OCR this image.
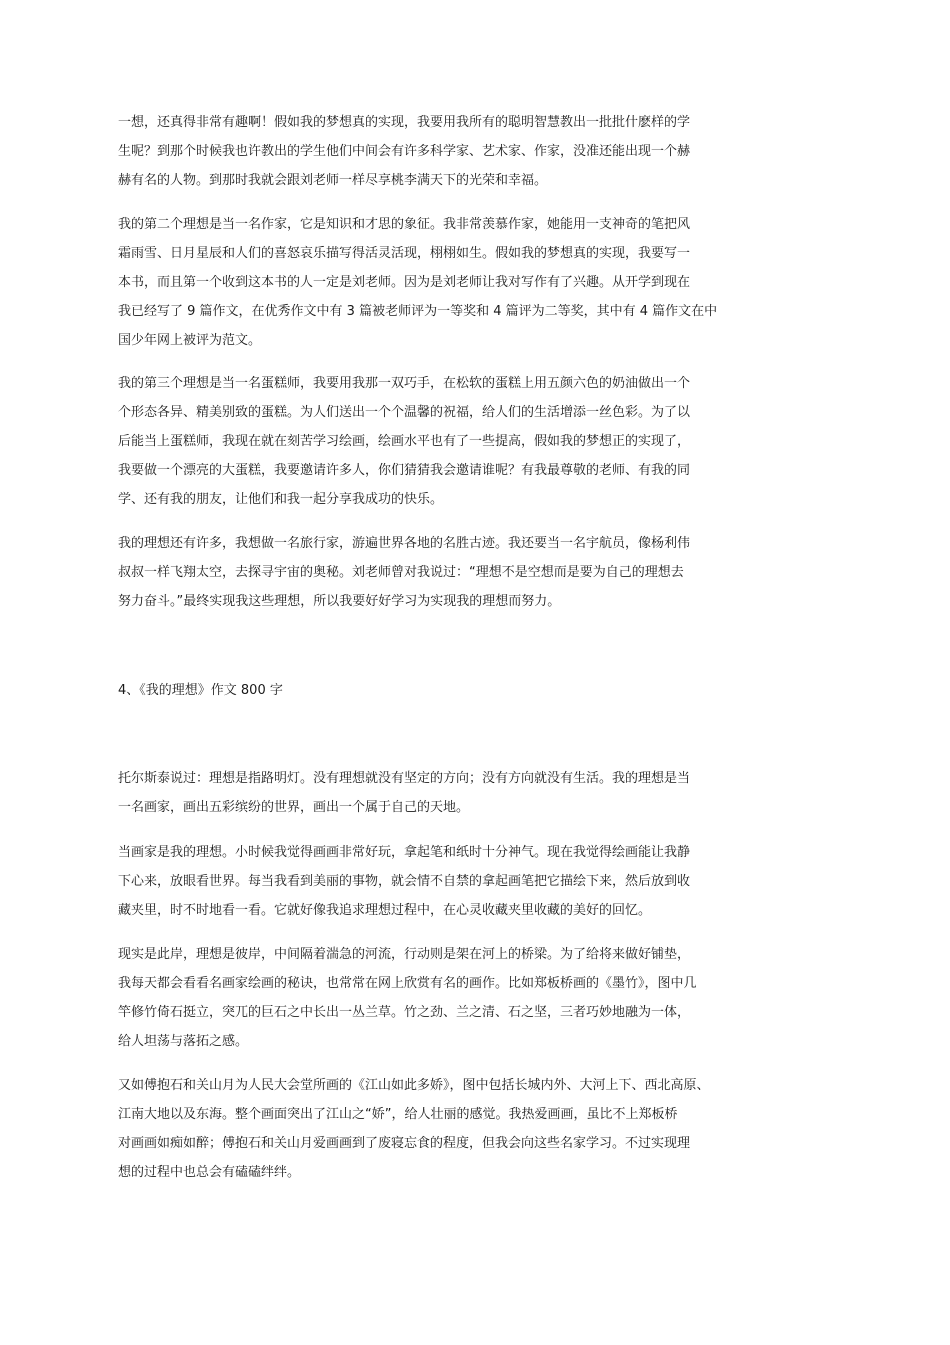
一想，还真得非常有趣啊！假如我的梦想真的实现，我要用我所有的聪明智慧教出一批批什麽样的学
生呢？到那个时候我也许教出的学生他们中间会有许多科学家、艺术家、作家，没准还能出现一个赫
赫有名的人物。到那时我就会跟刘老师一样尽享桃李满天下的光荣和幸福。
我的第二个理想是当一名作家，它是知识和才思的象征。我非常羡慕作家，她能用一支神奇的笔把风
霜雨雪、日月星辰和人们的喜怒哀乐描写得活灵活现，栩栩如生。假如我的梦想真的实现，我要写一
本书，而且第一个收到这本书的人一定是刘老师。因为是刘老师让我对写作有了兴趣。从开学到现在
我已经写了 9 篇作文，在优秀作文中有 3 篇被老师评为一等奖和 4 篇评为二等奖，其中有 4 篇作文在中
国少年网上被评为范文。
我的第三个理想是当一名蛋糕师，我要用我那一双巧手，在松软的蛋糕上用五颜六色的奶油做出一个
个形态各异、精美别致的蛋糕。为人们送出一个个温馨的祝福，给人们的生活增添一丝色彩。为了以
后能当上蛋糕师，我现在就在刻苦学习绘画，绘画水平也有了一些提高，假如我的梦想正的实现了，
我要做一个漂亮的大蛋糕，我要邀请许多人，你们猜猜我会邀请谁呢？有我最尊敬的老师、有我的同
学、还有我的朋友，让他们和我一起分享我成功的快乐。
我的理想还有许多，我想做一名旅行家，游遍世界各地的名胜古迹。我还要当一名宇航员，像杨利伟
叔叔一样飞翔太空，去探寻宇宙的奥秘。刘老师曾对我说过：“理想不是空想而是要为自己的理想去
努力奋斗。”最终实现我这些理想，所以我要好好学习为实现我的理想而努力。
4、《我的理想》作文 800 字
托尔斯泰说过：理想是指路明灯。没有理想就没有坚定的方向；没有方向就没有生活。我的理想是当
一名画家，画出五彩缤纷的世界，画出一个属于自己的天地。
当画家是我的理想。小时候我觉得画画非常好玩，拿起笔和纸时十分神气。现在我觉得绘画能让我静
下心来，放眼看世界。每当我看到美丽的事物，就会情不自禁的拿起画笔把它描绘下来，然后放到收
藏夹里，时不时地看一看。它就好像我追求理想过程中，在心灵收藏夹里收藏的美好的回忆。
现实是此岸，理想是彼岸，中间隔着湍急的河流，行动则是架在河上的桥梁。为了给将来做好铺垫，
我每天都会看看名画家绘画的秘诀，也常常在网上欣赏有名的画作。比如郑板桥画的《墨竹》，图中几
竿修竹倚石挺立，突兀的巨石之中长出一丛兰草。竹之劲、兰之清、石之坚，三者巧妙地融为一体，
给人坦荡与落拓之感。
又如傅抱石和关山月为人民大会堂所画的《江山如此多娇》，图中包括长城内外、大河上下、西北高原、
江南大地以及东海。整个画面突出了江山之“娇”，给人壮丽的感觉。我热爱画画，虽比不上郑板桥
对画画如痴如醉；傅抱石和关山月爱画画到了废寝忘食的程度，但我会向这些名家学习。不过实现理
想的过程中也总会有磕磕绊绊。
